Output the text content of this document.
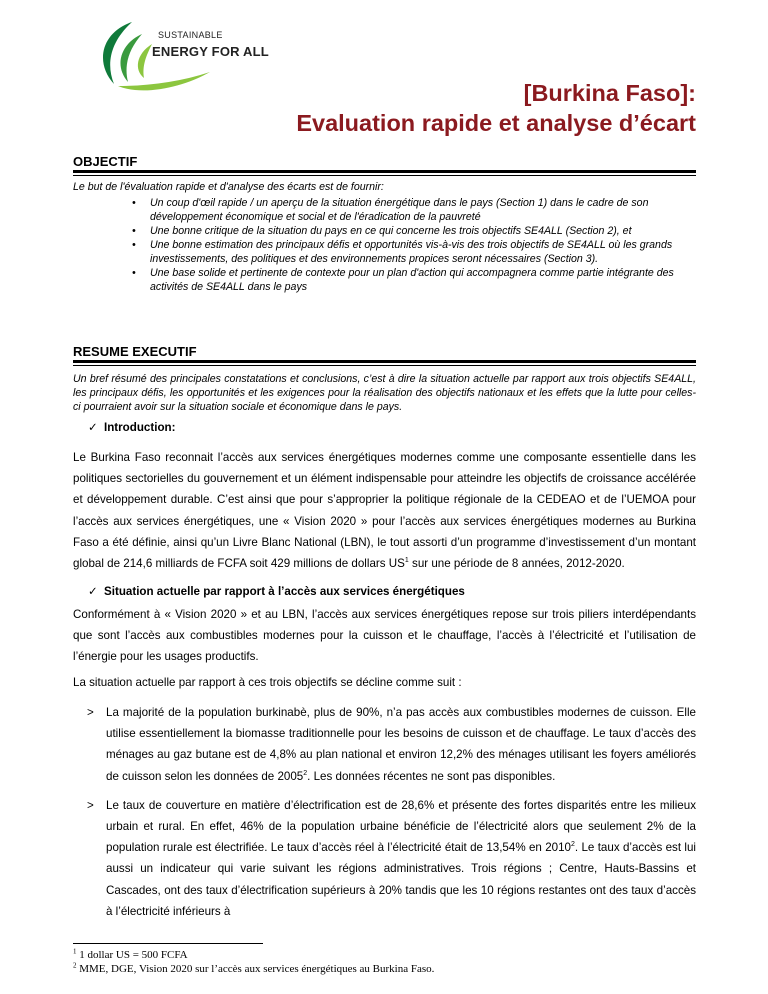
SUSTAINABLE
ENERGY FOR ALL
[Burkina Faso]:
Evaluation rapide et analyse d’écart
OBJECTIF
Le but de l'évaluation rapide et d'analyse des écarts est de fournir:

• Un coup d'œil rapide / un aperçu de la situation énergétique dans le pays (Section 1) dans le cadre de son développement économique et social et de l'éradication de la pauvreté

• Une bonne critique de la situation du pays en ce qui concerne les trois objectifs SE4ALL (Section 2), et

• Une bonne estimation des principaux défis et opportunités vis-à-vis des trois objectifs de SE4ALL où les grands investissements, des politiques et des environnements propices seront nécessaires (Section 3).

• Une base solide et pertinente de contexte pour un plan d'action qui accompagnera comme partie intégrante des activités de SE4ALL dans le pays

RESUME EXECUTIF
Un bref résumé des principales constatations et conclusions, c’est à dire la situation actuelle par rapport aux trois objectifs SE4ALL, les principaux défis, les opportunités et les exigences pour la réalisation des objectifs nationaux et les effets que la lutte pour celles-ci pourraient avoir sur la situation sociale et économique dans le pays.
✓ Introduction:
Le Burkina Faso reconnait l’accès aux services énergétiques modernes comme une composante essentielle dans les politiques sectorielles du gouvernement et un élément indispensable pour atteindre les objectifs de croissance accélérée et développement durable. C’est ainsi que pour s’approprier la politique régionale de la CEDEAO et de l’UEMOA pour l’accès aux services énergétiques, une « Vision 2020 » pour l’accès aux services énergétiques modernes au Burkina Faso a été définie, ainsi qu’un Livre Blanc National (LBN), le tout assorti d’un programme d’investissement d’un montant global de 214,6 milliards de FCFA soit 429 millions de dollars $US^1$ sur une période de 8 années, 2012-2020.
✓ Situation actuelle par rapport à l’accès aux services énergétiques
Conformément à « Vision 2020 » et au LBN, l’accès aux services énergétiques repose sur trois piliers interdépendants que sont l’accès aux combustibles modernes pour la cuisson et le chauffage, l’accès à l’électricité et l’utilisation de l’énergie pour les usages productifs.
La situation actuelle par rapport à ces trois objectifs se décline comme suit :

> La majorité de la population burkinabè, plus de 90%, n’a pas accès aux combustibles modernes de cuisson. Elle utilise essentiellement la biomasse traditionnelle pour les besoins de cuisson et de chauffage. Le taux d’accès des ménages au gaz butane est de 4,8% au plan national et environ 12,2% des ménages utilisant les foyers améliorés de cuisson selon les données de 2005$^2$. Les données récentes ne sont pas disponibles.

> Le taux de couverture en matière d’électrification est de 28,6% et présente des fortes disparités entre les milieux urbain et rural. En effet, 46% de la population urbaine bénéficie de l’électricité alors que seulement 2% de la population rurale est électrifiée. Le taux d’accès réel à l’électricité était de 13,54% en 2010$^2$. Le taux d’accès est lui aussi un indicateur qui varie suivant les régions administratives. Trois régions ; Centre, Hauts-Bassins et Cascades, ont des taux d’électrification supérieurs à 20% tandis que les 10 régions restantes ont des taux d’accès à l’électricité inférieurs à

$^1$ 1 dollar US = 500 FCFA
$^2$ MME, DGE, Vision 2020 sur l’accès aux services énergétiques au Burkina Faso.
